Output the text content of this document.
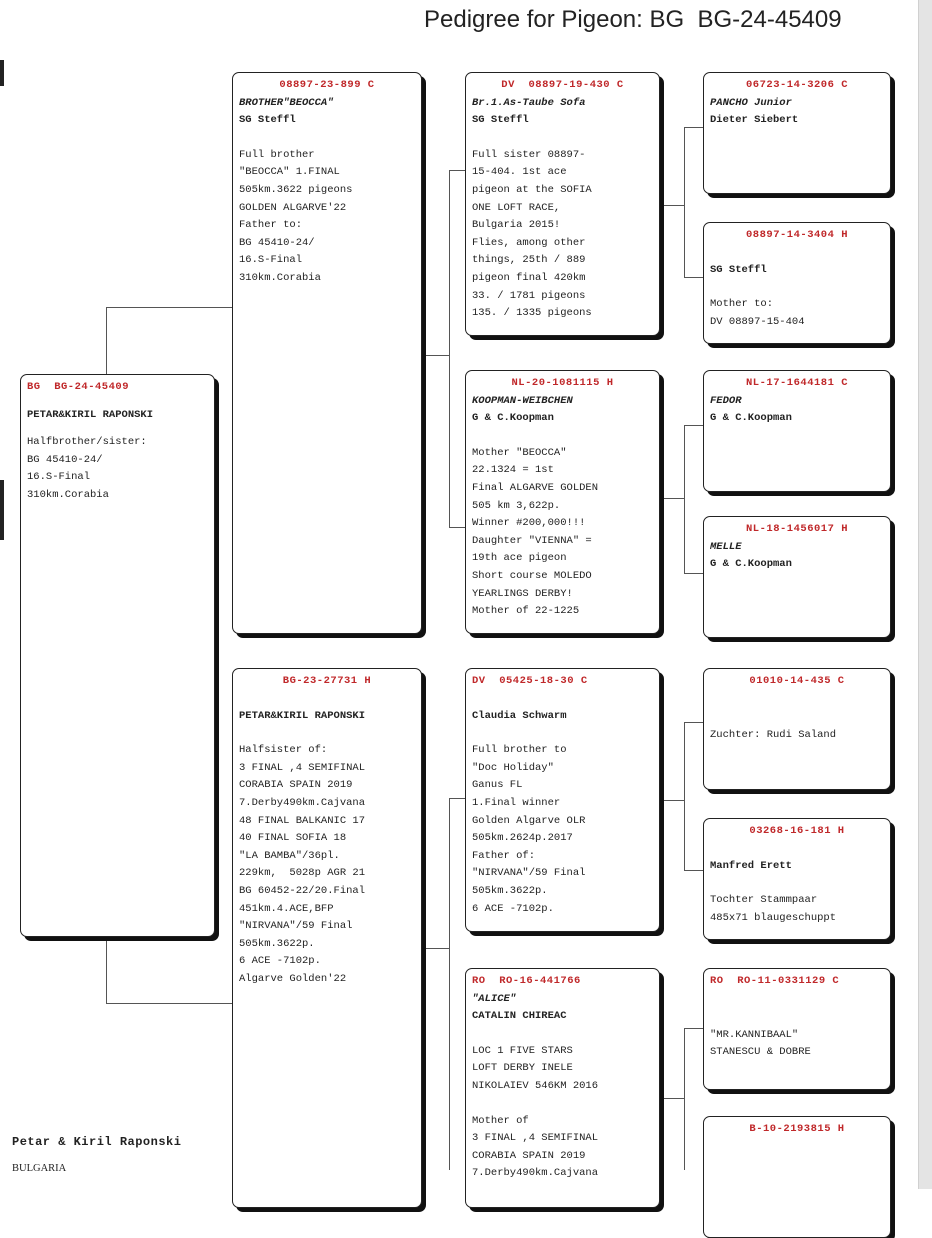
Pedigree for Pigeon: BG  BG-24-45409
BG  BG-24-45409
PETAR&KIRIL RAPONSKI
Halfbrother/sister:
BG 45410-24/
16.S-Final
310km.Corabia
08897-23-899 C
BROTHER"BEOCCA"
SG Steffl
Full brother
"BEOCCA" 1.FINAL
505km.3622 pigeons
GOLDEN ALGARVE'22
Father to:
BG 45410-24/
16.S-Final
310km.Corabia
BG-23-27731 H
PETAR&KIRIL RAPONSKI
Halfsister of:
3 FINAL ,4 SEMIFINAL
CORABIA SPAIN 2019
7.Derby490km.Cajvana
48 FINAL BALKANIC 17
40 FINAL SOFIA 18
"LA BAMBA"/36pl.
229km,  5028p AGR 21
BG 60452-22/20.Final
451km.4.ACE,BFP
"NIRVANA"/59 Final
505km.3622p.
6 ACE -7102p.
Algarve Golden'22
DV  08897-19-430 C
Br.1.As-Taube Sofa
SG Steffl
Full sister 08897-
15-404. 1st ace
pigeon at the SOFIA
ONE LOFT RACE,
Bulgaria 2015!
Flies, among other
things, 25th / 889
pigeon final 420km
33. / 1781 pigeons
135. / 1335 pigeons
NL-20-1081115 H
KOOPMAN-WEIBCHEN
G & C.Koopman
Mother "BEOCCA"
22.1324 = 1st
Final ALGARVE GOLDEN
505 km 3,622p.
Winner #200,000!!!
Daughter "VIENNA" =
19th ace pigeon
Short course MOLEDO
YEARLINGS DERBY!
Mother of 22-1225
DV  05425-18-30 C
Claudia Schwarm
Full brother to
"Doc Holiday"
Ganus FL
1.Final winner
Golden Algarve OLR
505km.2624p.2017
Father of:
"NIRVANA"/59 Final
505km.3622p.
6 ACE -7102p.
RO  RO-16-441766
"ALICE"
CATALIN CHIREAC
LOC 1 FIVE STARS
LOFT DERBY INELE
NIKOLAIEV 546KM 2016
Mother of
3 FINAL ,4 SEMIFINAL
CORABIA SPAIN 2019
7.Derby490km.Cajvana
06723-14-3206 C
PANCHO Junior
Dieter Siebert
08897-14-3404 H
SG Steffl
Mother to:
DV 08897-15-404
NL-17-1644181 C
FEDOR
G & C.Koopman
NL-18-1456017 H
MELLE
G & C.Koopman
01010-14-435 C
Zuchter: Rudi Saland
03268-16-181 H
Manfred Erett
Tochter Stammpaar
485x71 blaugeschuppt
RO  RO-11-0331129 C
"MR.KANNIBAAL"
STANESCU & DOBRE
B-10-2193815 H
Petar & Kiril Raponski
BULGARIA
